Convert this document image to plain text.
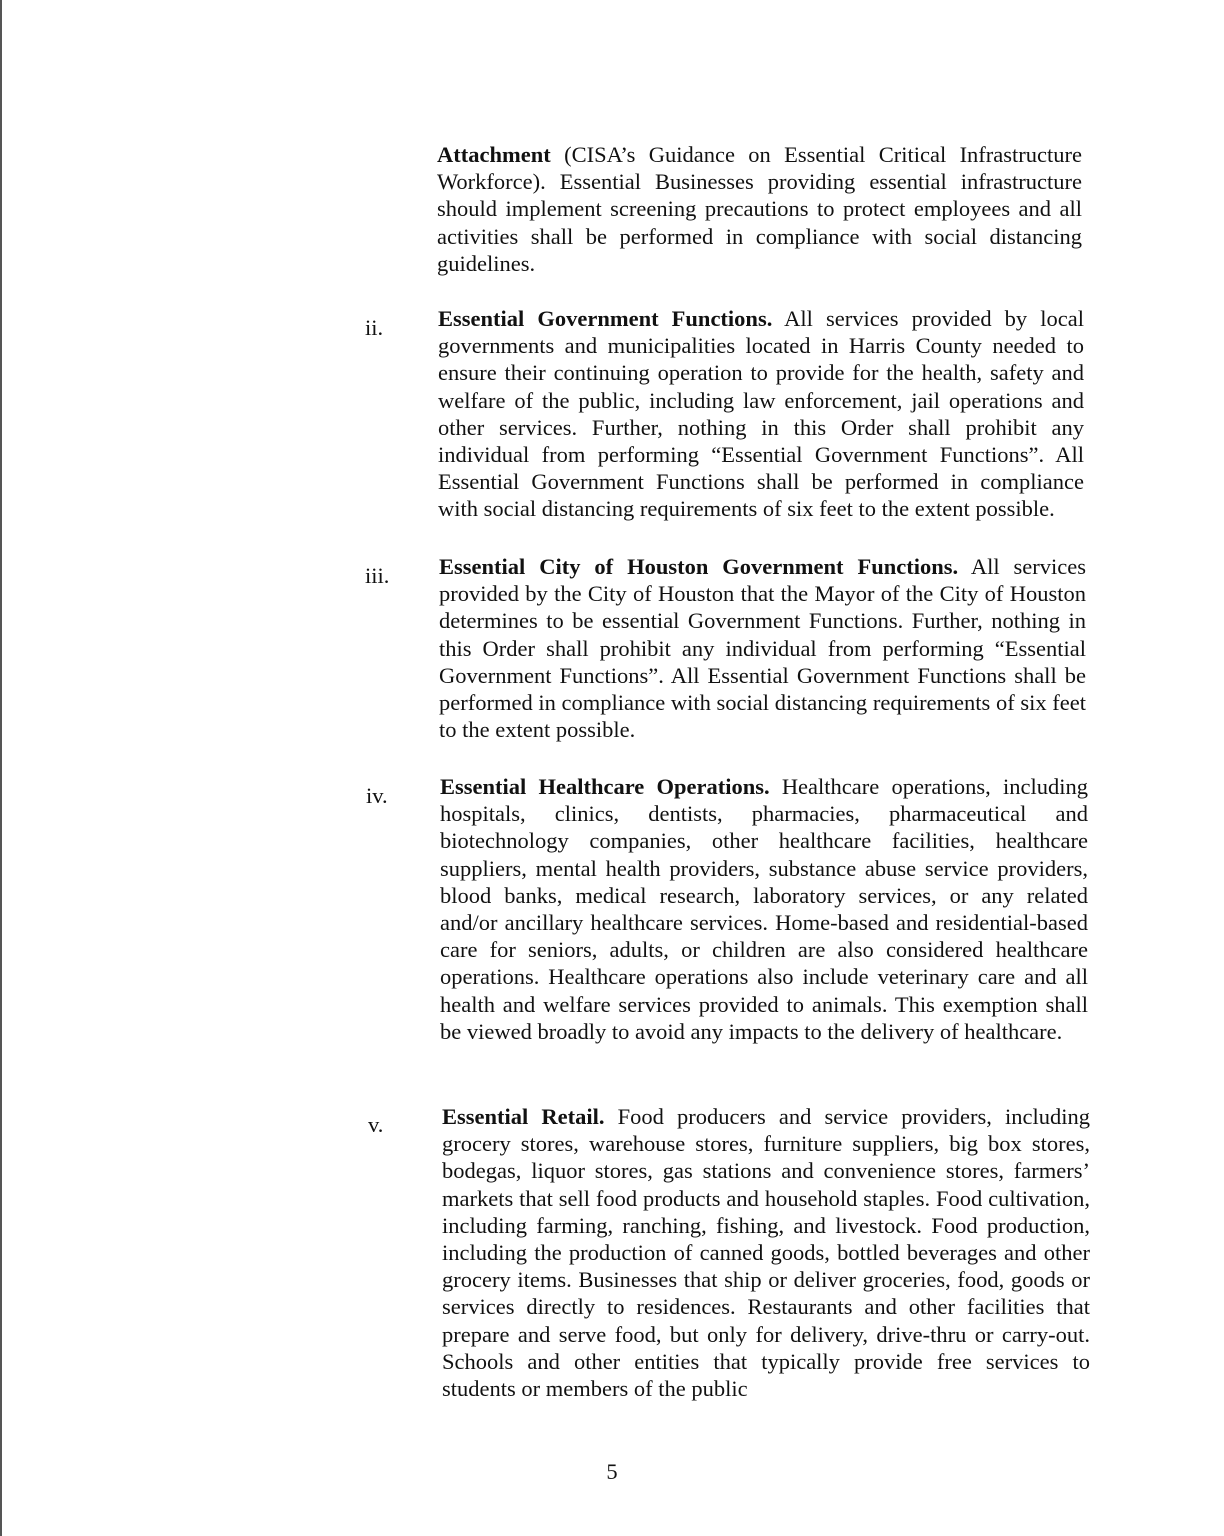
Attachment (CISA’s Guidance on Essential Critical Infrastructure Workforce). Essential Businesses providing essential infrastructure should implement screening precautions to protect employees and all activities shall be performed in compliance with social distancing guidelines.

ii. Essential Government Functions. All services provided by local governments and municipalities located in Harris County needed to ensure their continuing operation to provide for the health, safety and welfare of the public, including law enforcement, jail operations and other services. Further, nothing in this Order shall prohibit any individual from performing “Essential Government Functions”. All Essential Government Functions shall be performed in compliance with social distancing requirements of six feet to the extent possible.

iii. Essential City of Houston Government Functions. All services provided by the City of Houston that the Mayor of the City of Houston determines to be essential Government Functions. Further, nothing in this Order shall prohibit any individual from performing “Essential Government Functions”. All Essential Government Functions shall be performed in compliance with social distancing requirements of six feet to the extent possible.

iv. Essential Healthcare Operations. Healthcare operations, including hospitals, clinics, dentists, pharmacies, pharmaceutical and biotechnology companies, other healthcare facilities, healthcare suppliers, mental health providers, substance abuse service providers, blood banks, medical research, laboratory services, or any related and/or ancillary healthcare services. Home-based and residential-based care for seniors, adults, or children are also considered healthcare operations. Healthcare operations also include veterinary care and all health and welfare services provided to animals. This exemption shall be viewed broadly to avoid any impacts to the delivery of healthcare.

v.	Essential Retail. Food producers and service providers, including grocery stores, warehouse stores, furniture suppliers, big box stores, bodegas, liquor stores, gas stations and convenience stores, farmers’ markets that sell food products and household staples. Food cultivation, including farming, ranching, fishing, and livestock. Food production, including the production of canned goods, bottled beverages and other grocery items. Businesses that ship or deliver groceries, food, goods or services directly to residences. Restaurants and other facilities that prepare and serve food, but only for delivery, drive-thru or carry-out. Schools and other entities that typically provide free services to students or members of the public

5
